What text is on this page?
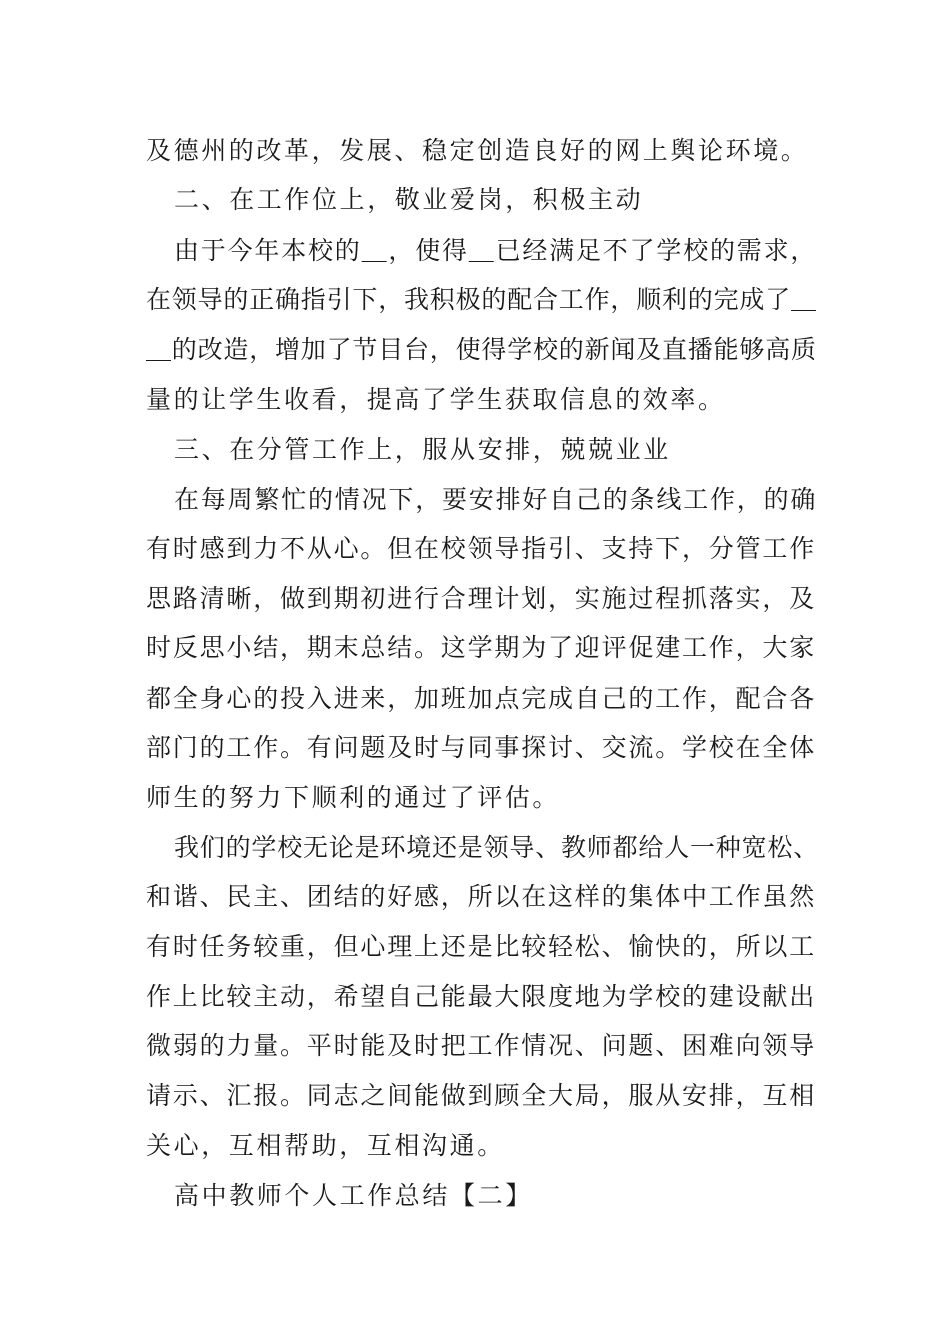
及德州的改革，发展、稳定创造良好的网上舆论环境。
二、在工作位上，敬业爱岗，积极主动
由于今年本校的＿，使得＿已经满足不了学校的需求，
在领导的正确指引下，我积极的配合工作，顺利的完成了＿
＿的改造，增加了节目台，使得学校的新闻及直播能够高质
量的让学生收看，提高了学生获取信息的效率。
三、在分管工作上，服从安排，兢兢业业
在每周繁忙的情况下，要安排好自己的条线工作，的确
有时感到力不从心。但在校领导指引、支持下，分管工作
思路清晰，做到期初进行合理计划，实施过程抓落实，及
时反思小结，期末总结。这学期为了迎评促建工作，大家
都全身心的投入进来，加班加点完成自己的工作，配合各
部门的工作。有问题及时与同事探讨、交流。学校在全体
师生的努力下顺利的通过了评估。
我们的学校无论是环境还是领导、教师都给人一种宽松、
和谐、民主、团结的好感，所以在这样的集体中工作虽然
有时任务较重，但心理上还是比较轻松、愉快的，所以工
作上比较主动，希望自己能最大限度地为学校的建设献出
微弱的力量。平时能及时把工作情况、问题、困难向领导
请示、汇报。同志之间能做到顾全大局，服从安排，互相
关心，互相帮助，互相沟通。
高中教师个人工作总结【二】
